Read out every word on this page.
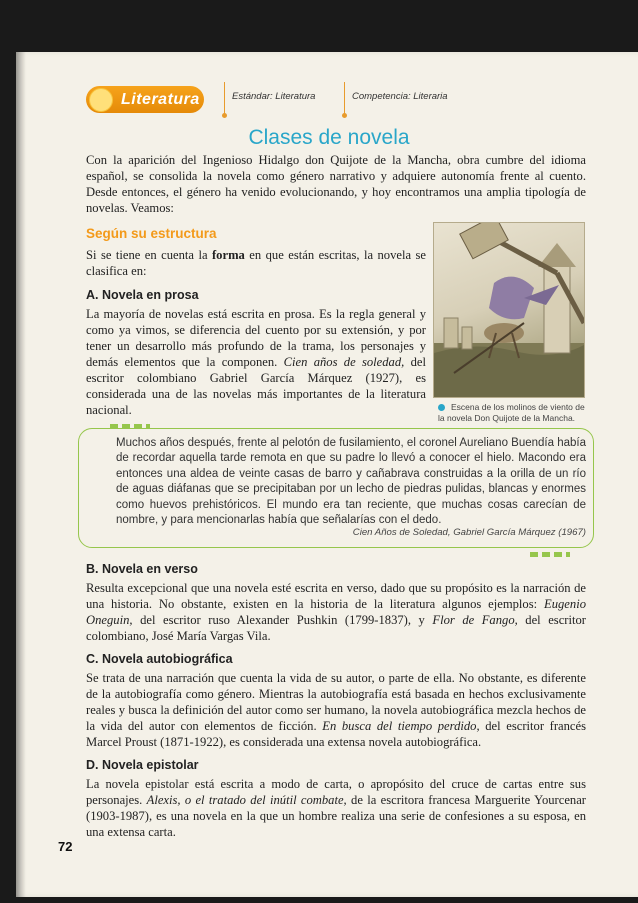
Literatura	Estándar: Literatura	Competencia: Literaria
Clases de novela

Con la aparición del Ingenioso Hidalgo don Quijote de la Mancha, obra cumbre del idioma español, se consolida la novela como género narrativo y adquiere autonomía frente al cuento. Desde entonces, el género ha venido evolucionando, y hoy encontramos una amplia tipología de novelas. Veamos:

Según su estructura

Si se tiene en cuenta la forma en que están escritas, la novela se clasifica en:

A. Novela en prosa

La mayoría de novelas está escrita en prosa. Es la regla general y como ya vimos, se diferencia del cuento por su extensión, y por tener un desarrollo más profundo de la trama, los personajes y demás elementos que la componen. Cien años de soledad, del escritor colombiano Gabriel García Márquez (1927), es considerada una de las novelas más importantes de la literatura nacional.	Escena de los molinos de viento de la novela Don Quijote de la Mancha.

Muchos años después, frente al pelotón de fusilamiento, el coronel Aureliano Buendía había de recordar aquella tarde remota en que su padre lo llevó a conocer el hielo. Macondo era entonces una aldea de veinte casas de barro y cañabrava construidas a la orilla de un río de aguas diáfanas que se precipitaban por un lecho de piedras pulidas, blancas y enormes como huevos prehistóricos. El mundo era tan reciente, que muchas cosas carecían de nombre, y para mencionarlas había que señalarías con el dedo.

Cien Años de Soledad, Gabriel García Márquez (1967)
B. Novela en verso

Resulta excepcional que una novela esté escrita en verso, dado que su propósito es la narración de una historia. No obstante, existen en la historia de la literatura algunos ejemplos: Eugenio Oneguin, del escritor ruso Alexander Pushkin (1799-1837), y Flor de Fango, del escritor colombiano, José María Vargas Vila.

C. Novela autobiográfica

Se trata de una narración que cuenta la vida de su autor, o parte de ella. No obstante, es diferente de la autobiografía como género. Mientras la autobiografía está basada en hechos exclusivamente reales y busca la definición del autor como ser humano, la novela autobiográfica mezcla hechos de la vida del autor con elementos de ficción. En busca del tiempo perdido, del escritor francés Marcel Proust (1871-1922), es considerada una extensa novela autobiográfica.

D. Novela epistolar

La novela epistolar está escrita a modo de carta, o apropósito del cruce de cartas entre sus personajes. Alexis, o el tratado del inútil combate, de la escritora francesa Marguerite Yourcenar (1903-1987), es una novela en la que un hombre realiza una serie de confesiones a su esposa, en una extensa carta.

72
